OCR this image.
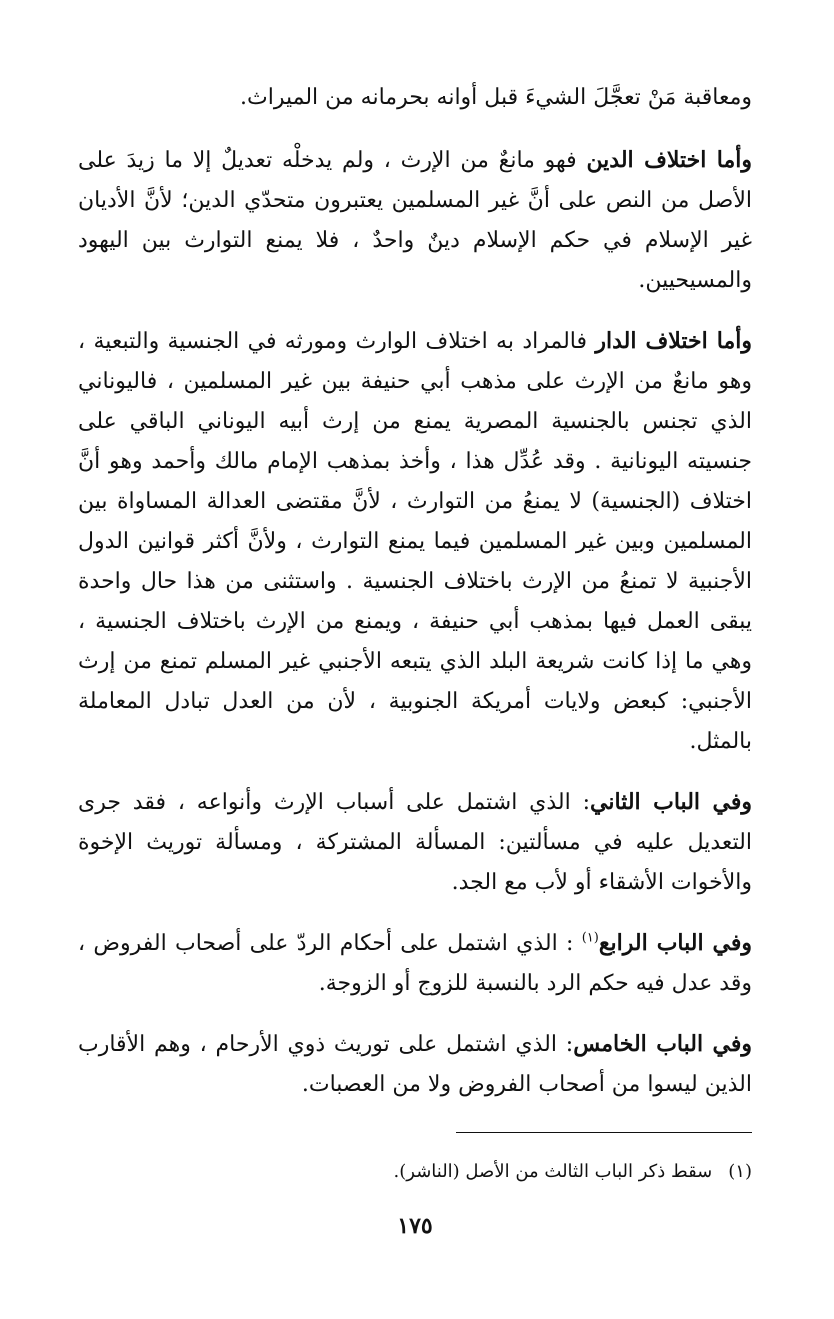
ومعاقبة مَنْ تعجَّلَ الشيءَ قبل أوانه بحرمانه من الميراث.

وأما اختلاف الدين فهو مانعٌ من الإرث ، ولم يدخلْه تعديلٌ إلا ما زيدَ على الأصل من النص على أنَّ غير المسلمين يعتبرون متحدّي الدين؛ لأنَّ الأديان غير الإسلام في حكم الإسلام دينٌ واحدٌ ، فلا يمنع التوارث بين اليهود والمسيحيين.

وأما اختلاف الدار فالمراد به اختلاف الوارث ومورثه في الجنسية والتبعية ، وهو مانعٌ من الإرث على مذهب أبي حنيفة بين غير المسلمين ، فاليوناني الذي تجنس بالجنسية المصرية يمنع من إرث أبيه اليوناني الباقي على جنسيته اليونانية . وقد عُدِّل هذا ، وأخذ بمذهب الإمام مالك وأحمد وهو أنَّ اختلاف (الجنسية) لا يمنعُ من التوارث ، لأنَّ مقتضى العدالة المساواة بين المسلمين وبين غير المسلمين فيما يمنع التوارث ، ولأنَّ أكثر قوانين الدول الأجنبية لا تمنعُ من الإرث باختلاف الجنسية . واستثنى من هذا حال واحدة يبقى العمل فيها بمذهب أبي حنيفة ، ويمنع من الإرث باختلاف الجنسية ، وهي ما إذا كانت شريعة البلد الذي يتبعه الأجنبي غير المسلم تمنع من إرث الأجنبي: كبعض ولايات أمريكة الجنوبية ، لأن من العدل تبادل المعاملة بالمثل.

وفي الباب الثاني: الذي اشتمل على أسباب الإرث وأنواعه ، فقد جرى التعديل عليه في مسألتين: المسألة المشتركة ، ومسألة توريث الإخوة والأخوات الأشقاء أو لأب مع الجد.

وفي الباب الرابع$^{(١)}$ : الذي اشتمل على أحكام الردّ على أصحاب الفروض ، وقد عدل فيه حكم الرد بالنسبة للزوج أو الزوجة.

وفي الباب الخامس: الذي اشتمل على توريث ذوي الأرحام ، وهم الأقارب الذين ليسوا من أصحاب الفروض ولا من العصبات.

(١)سقط ذكر الباب الثالث من الأصل (الناشر).
١٧٥
